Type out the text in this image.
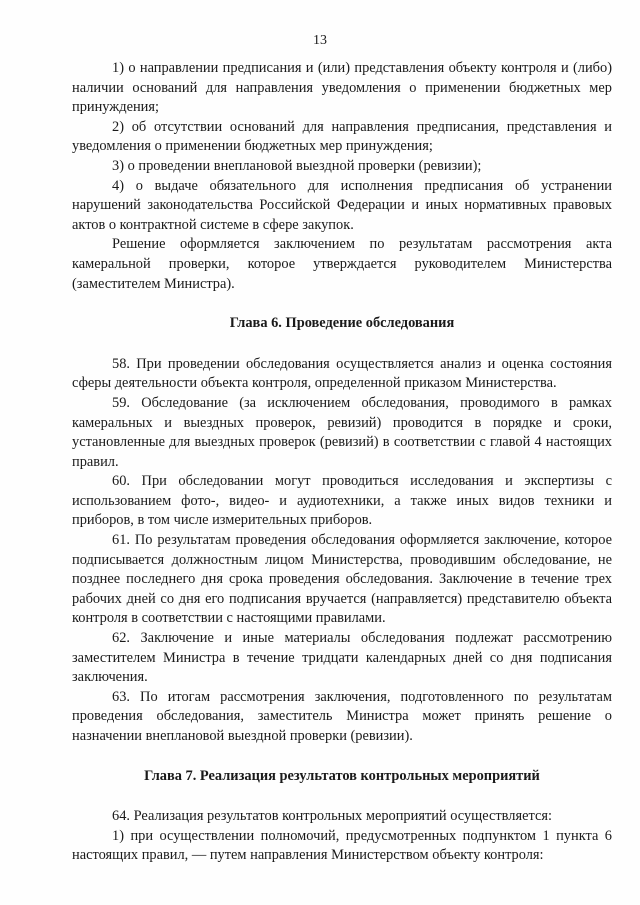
13

1) о направлении предписания и (или) представления объекту контроля и (либо) наличии оснований для направления уведомления о применении бюджетных мер принуждения;

2) об отсутствии оснований для направления предписания, представления и уведомления о применении бюджетных мер принуждения;

3) о проведении внеплановой выездной проверки (ревизии);

4) о выдаче обязательного для исполнения предписания об устранении нарушений законодательства Российской Федерации и иных нормативных правовых актов о контрактной системе в сфере закупок.

Решение оформляется заключением по результатам рассмотрения акта камеральной проверки, которое утверждается руководителем Министерства (заместителем Министра).

Глава 6. Проведение обследования

58. При проведении обследования осуществляется анализ и оценка состояния сферы деятельности объекта контроля, определенной приказом Министерства.

59. Обследование (за исключением обследования, проводимого в рамках камеральных и выездных проверок, ревизий) проводится в порядке и сроки, установленные для выездных проверок (ревизий) в соответствии с главой 4 настоящих правил.

60. При обследовании могут проводиться исследования и экспертизы с использованием фото-, видео- и аудиотехники, а также иных видов техники и приборов, в том числе измерительных приборов.

61. По результатам проведения обследования оформляется заключение, которое подписывается должностным лицом Министерства, проводившим обследование, не позднее последнего дня срока проведения обследования. Заключение в течение трех рабочих дней со дня его подписания вручается (направляется) представителю объекта контроля в соответствии с настоящими правилами.

62. Заключение и иные материалы обследования подлежат рассмотрению заместителем Министра в течение тридцати календарных дней со дня подписания заключения.

63. По итогам рассмотрения заключения, подготовленного по результатам проведения обследования, заместитель Министра может принять решение о назначении внеплановой выездной проверки (ревизии).

Глава 7. Реализация результатов контрольных мероприятий

64. Реализация результатов контрольных мероприятий осуществляется:

1) при осуществлении полномочий, предусмотренных подпунктом 1 пункта 6 настоящих правил, — путем направления Министерством объекту контроля:
